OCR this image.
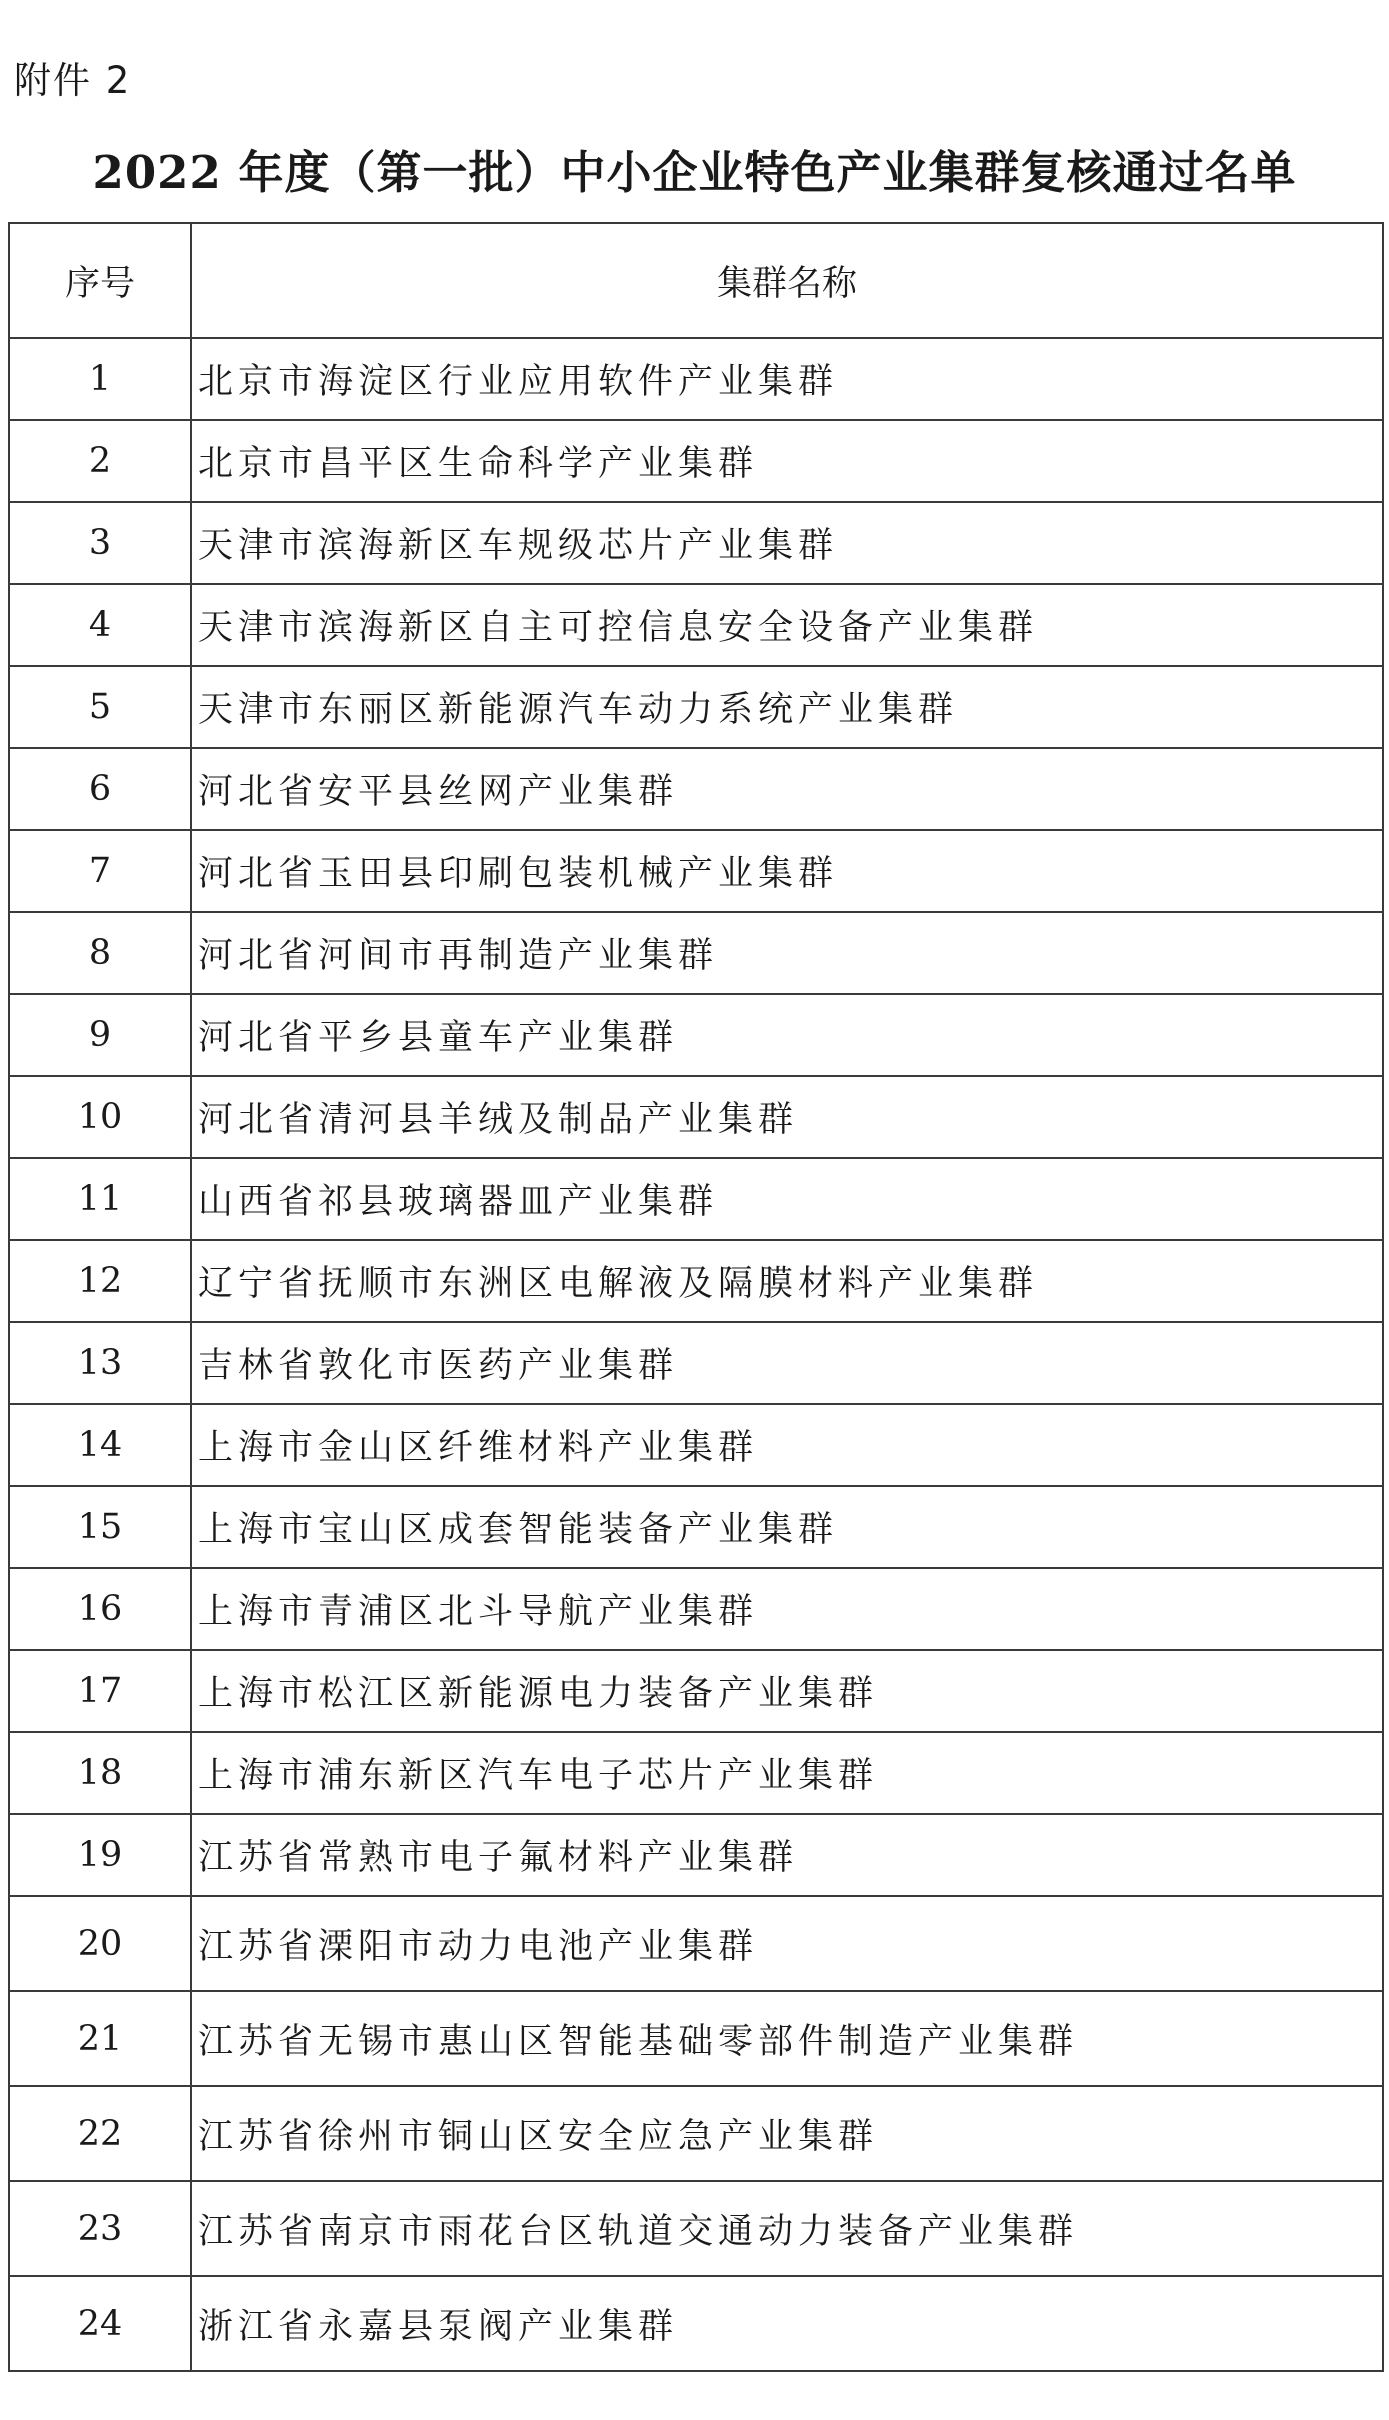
附件 2
2022 年度（第一批）中小企业特色产业集群复核通过名单
序号	集群名称
1	北京市海淀区行业应用软件产业集群
2	北京市昌平区生命科学产业集群
3	天津市滨海新区车规级芯片产业集群
4	天津市滨海新区自主可控信息安全设备产业集群
5	天津市东丽区新能源汽车动力系统产业集群
6	河北省安平县丝网产业集群
7	河北省玉田县印刷包装机械产业集群
8	河北省河间市再制造产业集群
9	河北省平乡县童车产业集群
10	河北省清河县羊绒及制品产业集群
11	山西省祁县玻璃器皿产业集群
12	辽宁省抚顺市东洲区电解液及隔膜材料产业集群
13	吉林省敦化市医药产业集群
14	上海市金山区纤维材料产业集群
15	上海市宝山区成套智能装备产业集群
16	上海市青浦区北斗导航产业集群
17	上海市松江区新能源电力装备产业集群
18	上海市浦东新区汽车电子芯片产业集群
19	江苏省常熟市电子氟材料产业集群
20	江苏省溧阳市动力电池产业集群
21	江苏省无锡市惠山区智能基础零部件制造产业集群
22	江苏省徐州市铜山区安全应急产业集群
23	江苏省南京市雨花台区轨道交通动力装备产业集群
24	浙江省永嘉县泵阀产业集群
